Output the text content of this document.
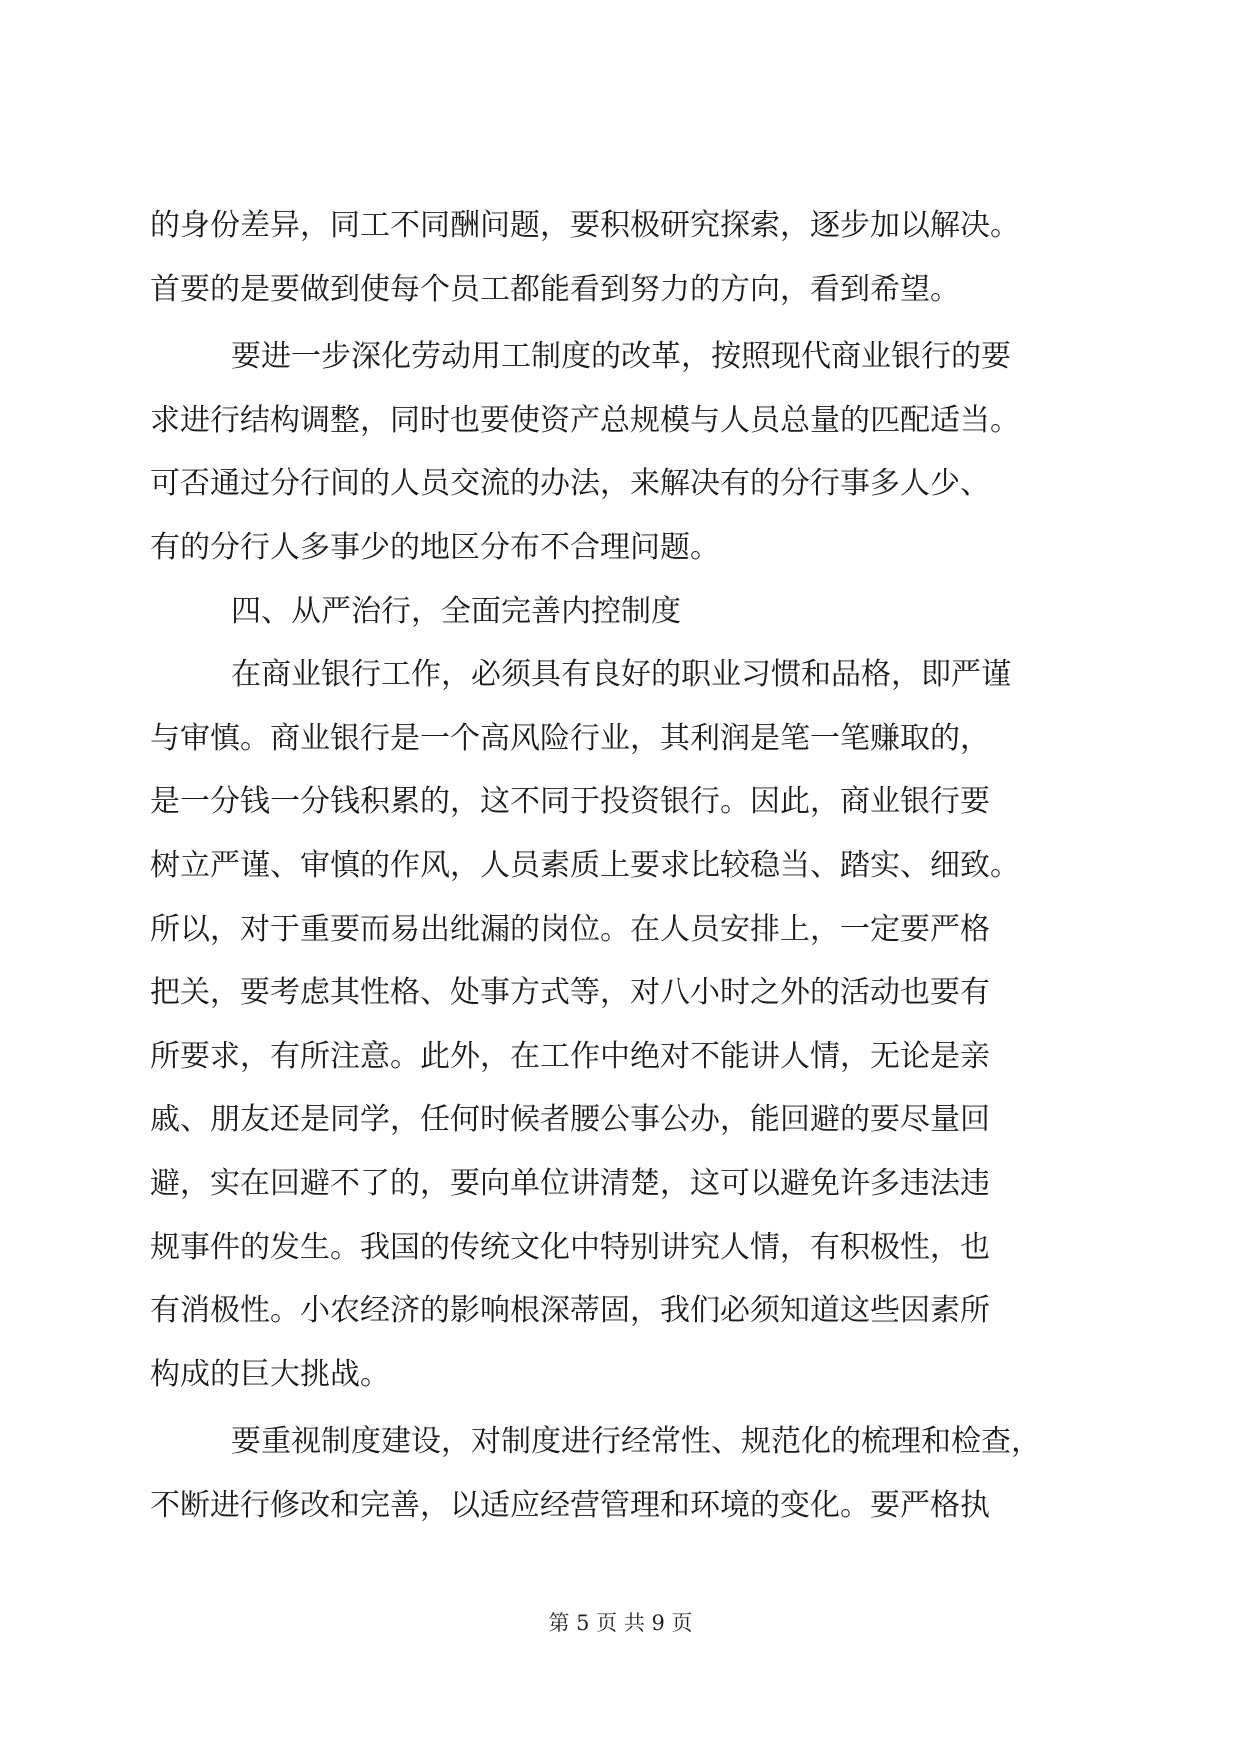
的身份差异，同工不同酬问题，要积极研究探索，逐步加以解决。
首要的是要做到使每个员工都能看到努力的方向，看到希望。
要进一步深化劳动用工制度的改革，按照现代商业银行的要
求进行结构调整，同时也要使资产总规模与人员总量的匹配适当。
可否通过分行间的人员交流的办法，来解决有的分行事多人少、
有的分行人多事少的地区分布不合理问题。
四、从严治行，全面完善内控制度
在商业银行工作，必须具有良好的职业习惯和品格，即严谨
与审慎。商业银行是一个高风险行业，其利润是笔一笔赚取的，
是一分钱一分钱积累的，这不同于投资银行。因此，商业银行要
树立严谨、审慎的作风，人员素质上要求比较稳当、踏实、细致。
所以，对于重要而易出纰漏的岗位。在人员安排上，一定要严格
把关，要考虑其性格、处事方式等，对八小时之外的活动也要有
所要求，有所注意。此外，在工作中绝对不能讲人情，无论是亲
戚、朋友还是同学，任何时候者腰公事公办，能回避的要尽量回
避，实在回避不了的，要向单位讲清楚，这可以避免许多违法违
规事件的发生。我国的传统文化中特别讲究人情，有积极性，也
有消极性。小农经济的影响根深蒂固，我们必须知道这些因素所
构成的巨大挑战。
要重视制度建设，对制度进行经常性、规范化的梳理和检查，
不断进行修改和完善，以适应经营管理和环境的变化。要严格执
第 5 页 共 9 页
